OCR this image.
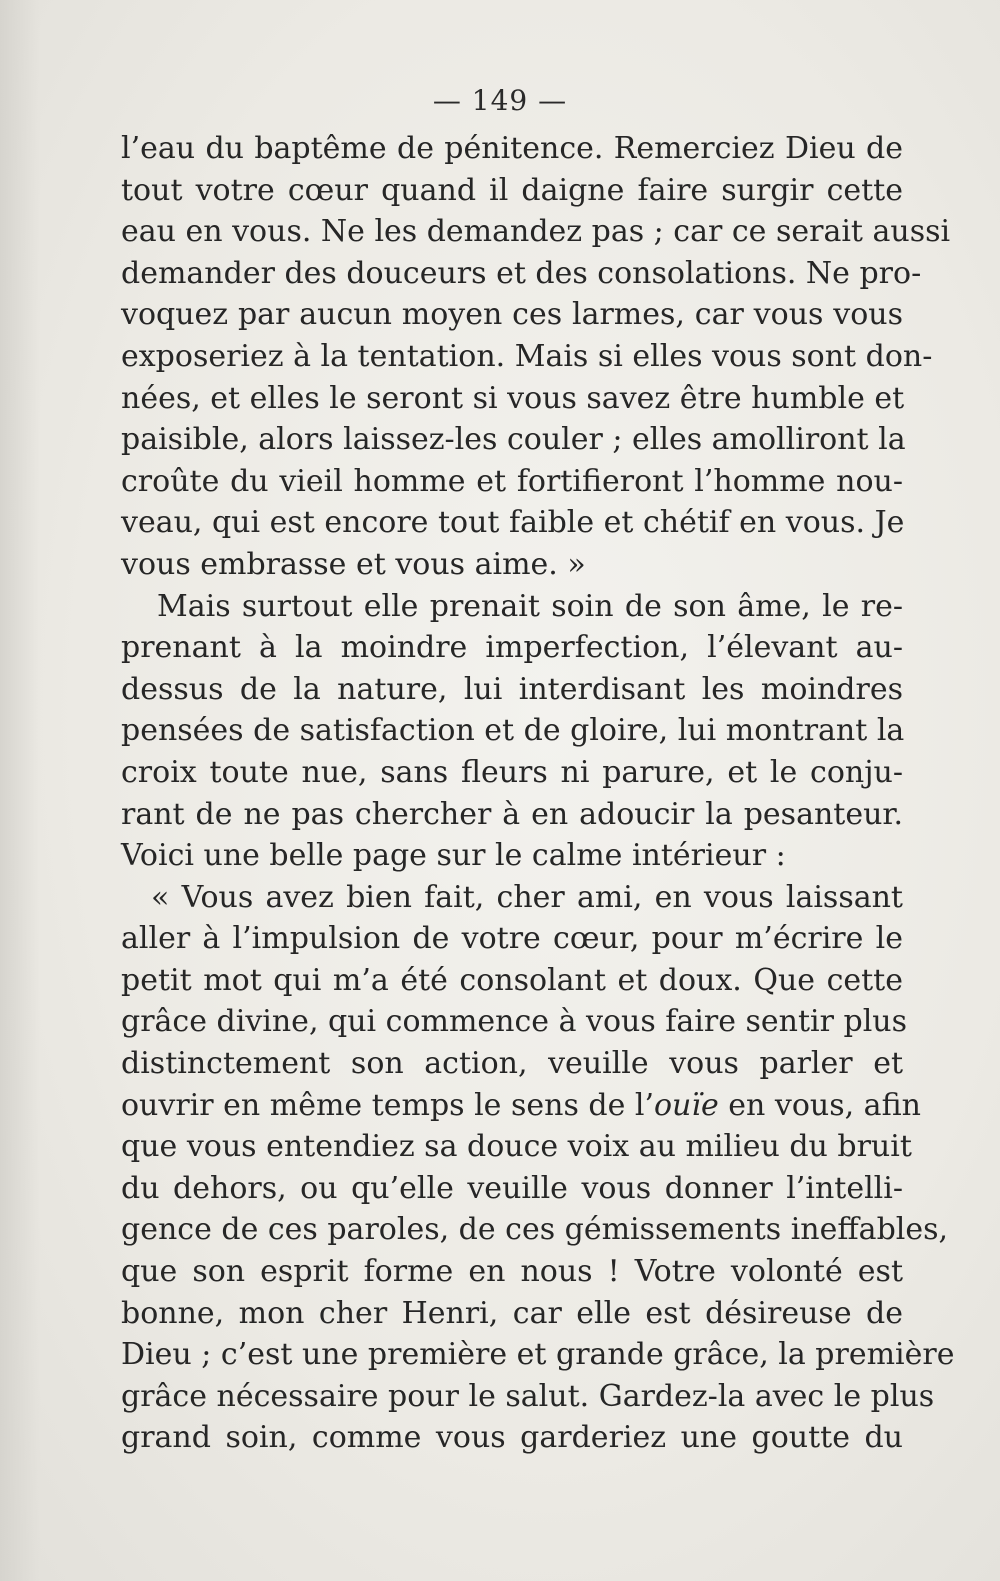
— 149 —
l’eau du baptême de pénitence. Remerciez Dieu de
tout votre cœur quand il daigne faire surgir cette
eau en vous. Ne les demandez pas ; car ce serait aussi
demander des douceurs et des consolations. Ne pro-
voquez par aucun moyen ces larmes, car vous vous
exposeriez à la tentation. Mais si elles vous sont don-
nées, et elles le seront si vous savez être humble et
paisible, alors laissez-les couler ; elles amolliront la
croûte du vieil homme et fortifieront l’homme nou-
veau, qui est encore tout faible et chétif en vous. Je
vous embrasse et vous aime. »
Mais surtout elle prenait soin de son âme, le re-
prenant à la moindre imperfection, l’élevant au-
dessus de la nature, lui interdisant les moindres
pensées de satisfaction et de gloire, lui montrant la
croix toute nue, sans fleurs ni parure, et le conju-
rant de ne pas chercher à en adoucir la pesanteur.
Voici une belle page sur le calme intérieur :
« Vous avez bien fait, cher ami, en vous laissant
aller à l’impulsion de votre cœur, pour m’écrire le
petit mot qui m’a été consolant et doux. Que cette
grâce divine, qui commence à vous faire sentir plus
distinctement son action, veuille vous parler et
ouvrir en même temps le sens de l’ouïe en vous, afin
que vous entendiez sa douce voix au milieu du bruit
du dehors, ou qu’elle veuille vous donner l’intelli-
gence de ces paroles, de ces gémissements ineffables,
que son esprit forme en nous ! Votre volonté est
bonne, mon cher Henri, car elle est désireuse de
Dieu ; c’est une première et grande grâce, la première
grâce nécessaire pour le salut. Gardez-la avec le plus
grand soin, comme vous garderiez une goutte du
